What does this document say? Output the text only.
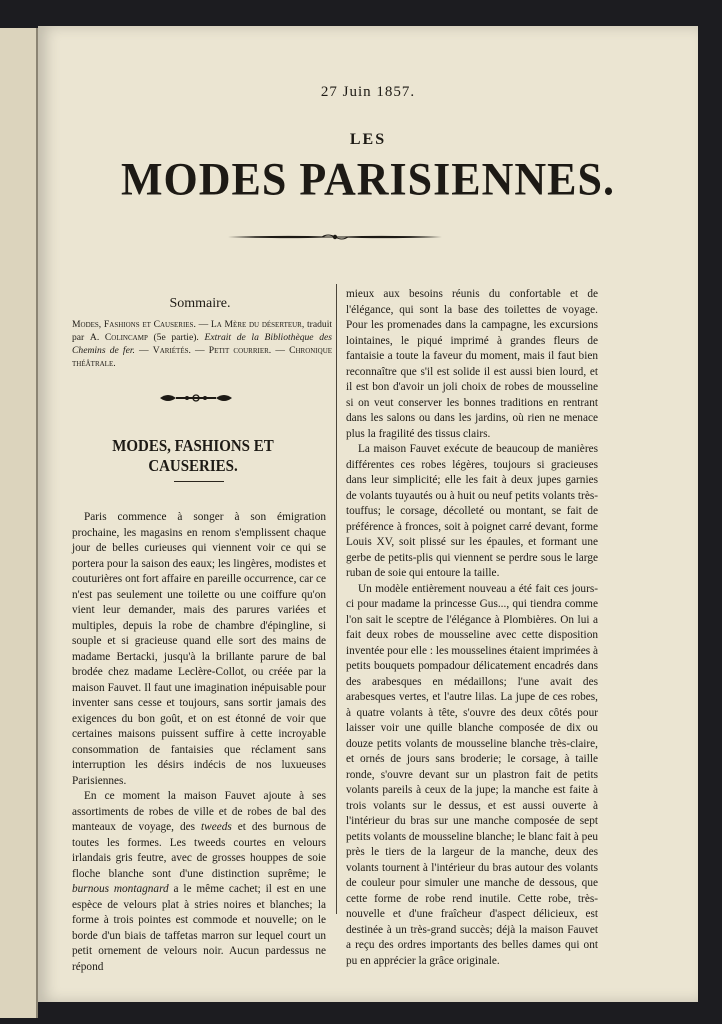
27 Juin 1857.
LES
MODES PARISIENNES.
Sommaire.
Modes, Fashions et Causeries. — La Mère du déserteur, traduit par A. Colincamp (5e partie). Extrait de la Bibliothèque des Chemins de fer. — Variétés. — Petit courrier. — Chronique théâtrale.
MODES, FASHIONS ET CAUSERIES.

Paris commence à songer à son émigration prochaine, les magasins en renom s'emplissent chaque jour de belles curieuses qui viennent voir ce qui se portera pour la saison des eaux; les lingères, modistes et couturières ont fort affaire en pareille occurrence, car ce n'est pas seulement une toilette ou une coiffure qu'on vient leur demander, mais des parures variées et multiples, depuis la robe de chambre d'épingline, si souple et si gracieuse quand elle sort des mains de madame Bertacki, jusqu'à la brillante parure de bal brodée chez madame Leclère-Collot, ou créée par la maison Fauvet. Il faut une imagination inépuisable pour inventer sans cesse et toujours, sans sortir jamais des exigences du bon goût, et on est étonné de voir que certaines maisons puissent suffire à cette incroyable consommation de fantaisies que réclament sans interruption les désirs indécis de nos luxueuses Parisiennes.

En ce moment la maison Fauvet ajoute à ses assortiments de robes de ville et de robes de bal des manteaux de voyage, des tweeds et des burnous de toutes les formes. Les tweeds courtes en velours irlandais gris feutre, avec de grosses houppes de soie floche blanche sont d'une distinction suprême; le burnous montagnard a le même cachet; il est en une espèce de velours plat à stries noires et blanches; la forme à trois pointes est commode et nouvelle; on le borde d'un biais de taffetas marron sur lequel court un petit ornement de velours noir. Aucun pardessus ne répond

mieux aux besoins réunis du confortable et de l'élégance, qui sont la base des toilettes de voyage. Pour les promenades dans la campagne, les excursions lointaines, le piqué imprimé à grandes fleurs de fantaisie a toute la faveur du moment, mais il faut bien reconnaître que s'il est solide il est aussi bien lourd, et il est bon d'avoir un joli choix de robes de mousseline si on veut conserver les bonnes traditions en rentrant dans les salons ou dans les jardins, où rien ne menace plus la fragilité des tissus clairs.

La maison Fauvet exécute de beaucoup de manières différentes ces robes légères, toujours si gracieuses dans leur simplicité; elle les fait à deux jupes garnies de volants tuyautés ou à huit ou neuf petits volants très-touffus; le corsage, décolleté ou montant, se fait de préférence à fronces, soit à poignet carré devant, forme Louis XV, soit plissé sur les épaules, et formant une gerbe de petits-plis qui viennent se perdre sous le large ruban de soie qui entoure la taille.

Un modèle entièrement nouveau a été fait ces jours-ci pour madame la princesse Gus..., qui tiendra comme l'on sait le sceptre de l'élégance à Plombières. On lui a fait deux robes de mousseline avec cette disposition inventée pour elle : les mousselines étaient imprimées à petits bouquets pompadour délicatement encadrés dans des arabesques en médaillons; l'une avait des arabesques vertes, et l'autre lilas. La jupe de ces robes, à quatre volants à tête, s'ouvre des deux côtés pour laisser voir une quille blanche composée de dix ou douze petits volants de mousseline blanche très-claire, et ornés de jours sans broderie; le corsage, à taille ronde, s'ouvre devant sur un plastron fait de petits volants pareils à ceux de la jupe; la manche est faite à trois volants sur le dessus, et est aussi ouverte à l'intérieur du bras sur une manche composée de sept petits volants de mousseline blanche; le blanc fait à peu près le tiers de la largeur de la manche, deux des volants tournent à l'intérieur du bras autour des volants de couleur pour simuler une manche de dessous, que cette forme de robe rend inutile. Cette robe, très-nouvelle et d'une fraîcheur d'aspect délicieux, est destinée à un très-grand succès; déjà la maison Fauvet a reçu des ordres importants des belles dames qui ont pu en apprécier la grâce originale.
